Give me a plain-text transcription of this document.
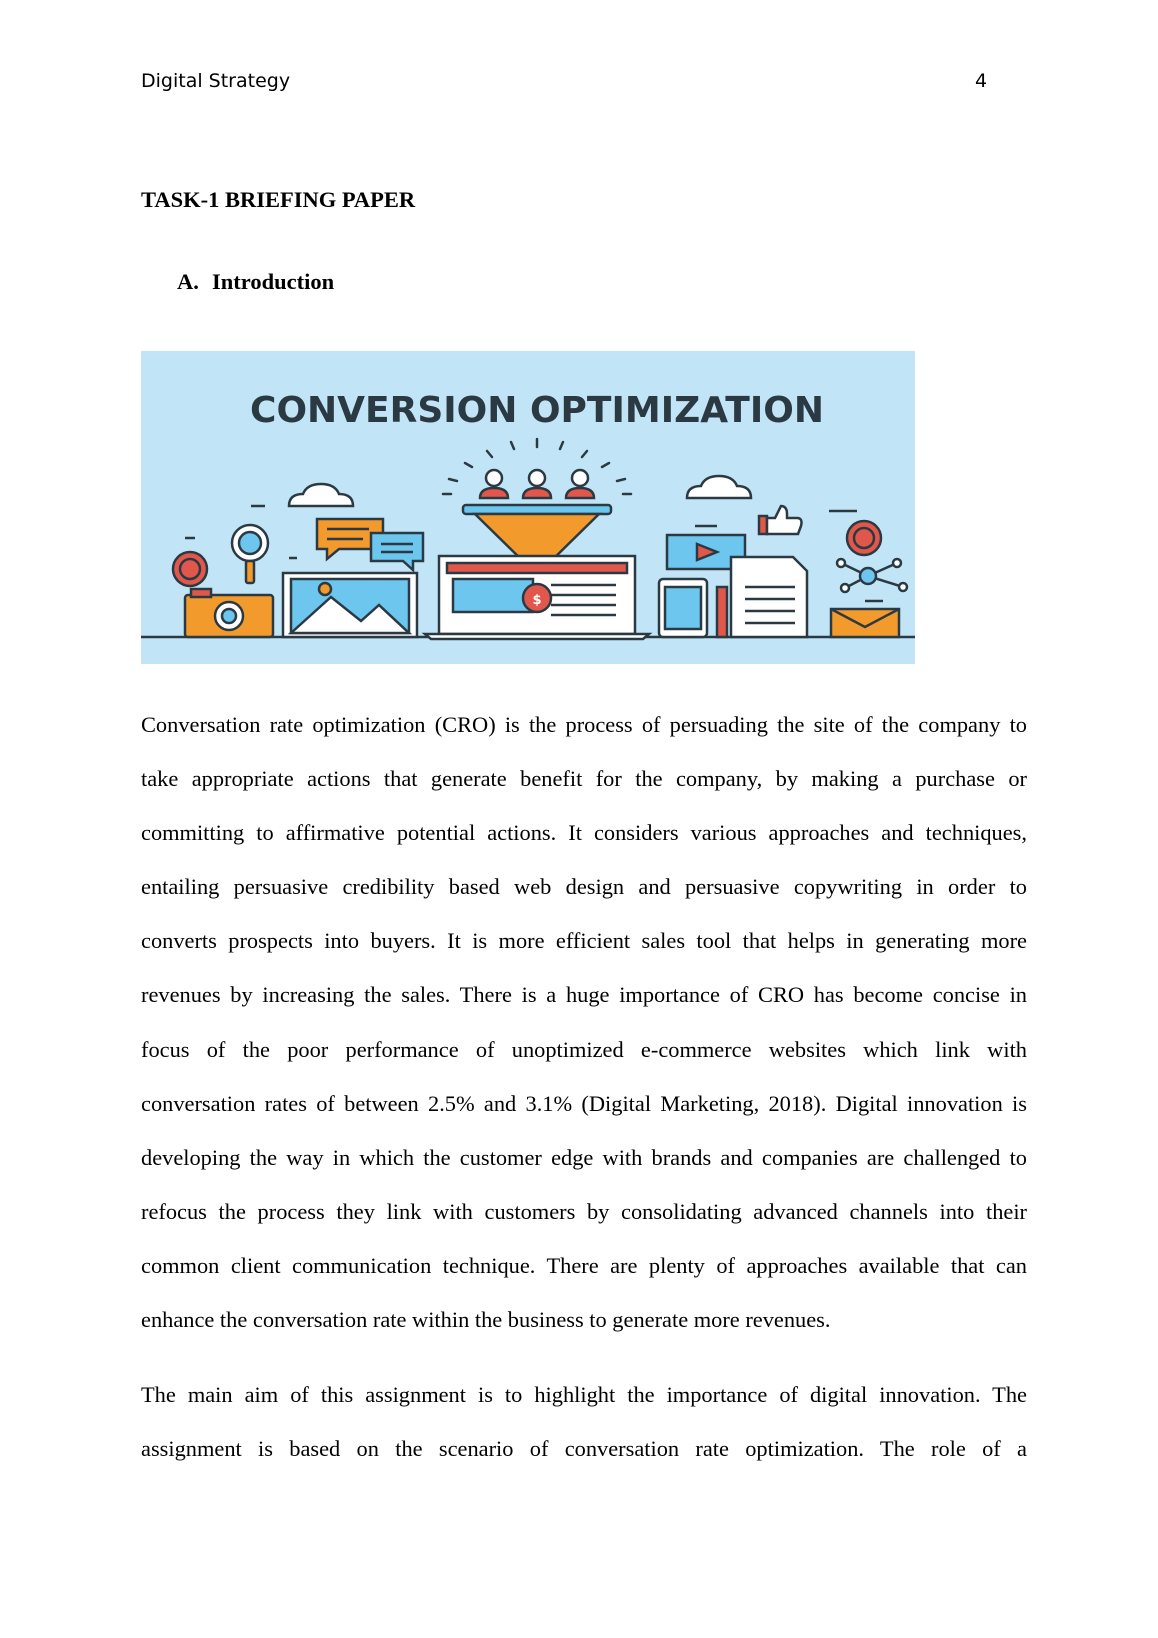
Digital Strategy	4
TASK-1 BRIEFING PAPER
A. Introduction
CONVERSION OPTIMIZATION
$

Conversation rate optimization (CRO) is the process of persuading the site of the company to
take appropriate actions that generate benefit for the company, by making a purchase or
committing to affirmative potential actions. It considers various approaches and techniques,
entailing persuasive credibility based web design and persuasive copywriting in order to
converts prospects into buyers. It is more efficient sales tool that helps in generating more
revenues by increasing the sales. There is a huge importance of CRO has become concise in
focus of the poor performance of unoptimized e-commerce websites which link with
conversation rates of between 2.5% and 3.1% (Digital Marketing, 2018). Digital innovation is
developing the way in which the customer edge with brands and companies are challenged to
refocus the process they link with customers by consolidating advanced channels into their
common client communication technique. There are plenty of approaches available that can
enhance the conversation rate within the business to generate more revenues.

The main aim of this assignment is to highlight the importance of digital innovation. The
assignment is based on the scenario of conversation rate optimization. The role of a
